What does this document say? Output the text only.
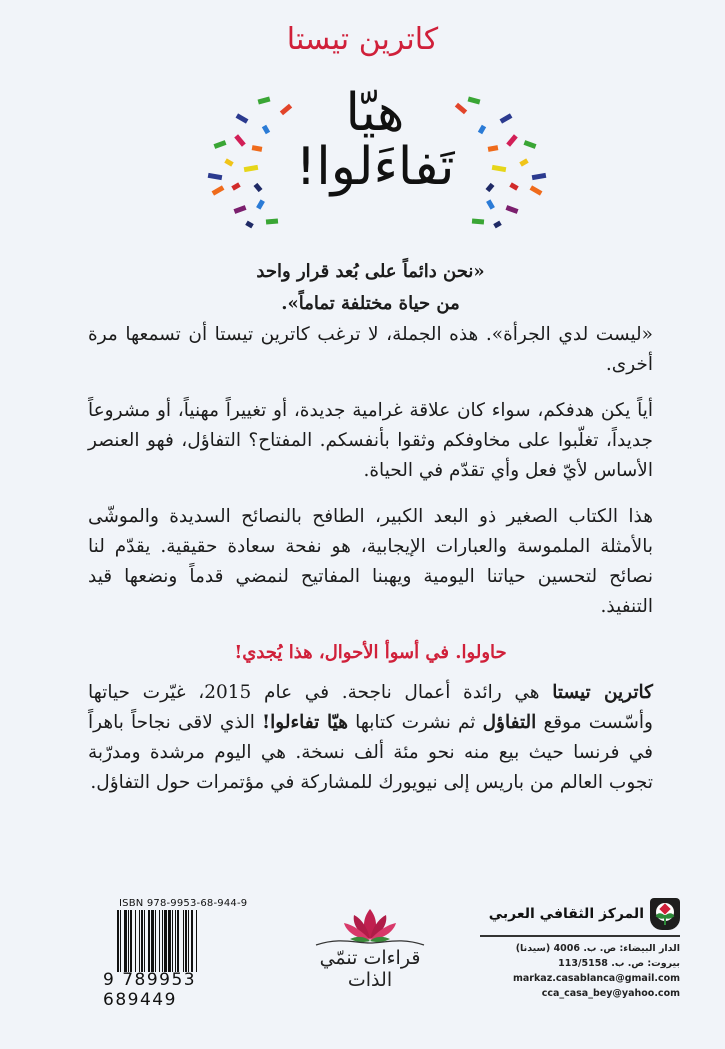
كاترين تيستا
هيّا
تَفاءَلوا!

«نحن دائماً على بُعد قرار واحد

من حياة مختلفة تماماً».

«ليست لدي الجرأة». هذه الجملة، لا ترغب كاترين تيستا أن تسمعها مرة أخرى.

أياً يكن هدفكم، سواء كان علاقة غرامية جديدة، أو تغييراً مهنياً، أو مشروعاً جديداً، تغلّبوا على مخاوفكم وثقوا بأنفسكم. المفتاح؟ التفاؤل، فهو العنصر الأساس لأيّ فعل وأي تقدّم في الحياة.

هذا الكتاب الصغير ذو البعد الكبير، الطافح بالنصائح السديدة والموشّى بالأمثلة الملموسة والعبارات الإيجابية، هو نفحة سعادة حقيقية. يقدّم لنا نصائح لتحسين حياتنا اليومية ويهبنا المفاتيح لنمضي قدماً ونضعها قيد التنفيذ.

حاولوا. في أسوأ الأحوال، هذا يُجدي!

كاترين تيستا هي رائدة أعمال ناجحة. في عام 2015، غيّرت حياتها وأسّست موقع التفاؤل ثم نشرت كتابها هيّا تفاءلوا! الذي لاقى نجاحاً باهراً في فرنسا حيث بيع منه نحو مئة ألف نسخة. هي اليوم مرشدة ومدرّبة تجوب العالم من باريس إلى نيويورك للمشاركة في مؤتمرات حول التفاؤل.

ISBN 978-9953-68-944-9
9 789953 689449
قراءات تنمّي الذات
المركز الثقافي العربي
الدار البيضاء: ص. ب. 4006 (سيدنا)
بيروت: ص. ب. 113/5158
markaz.casablanca@gmail.com
cca_casa_bey@yahoo.com
